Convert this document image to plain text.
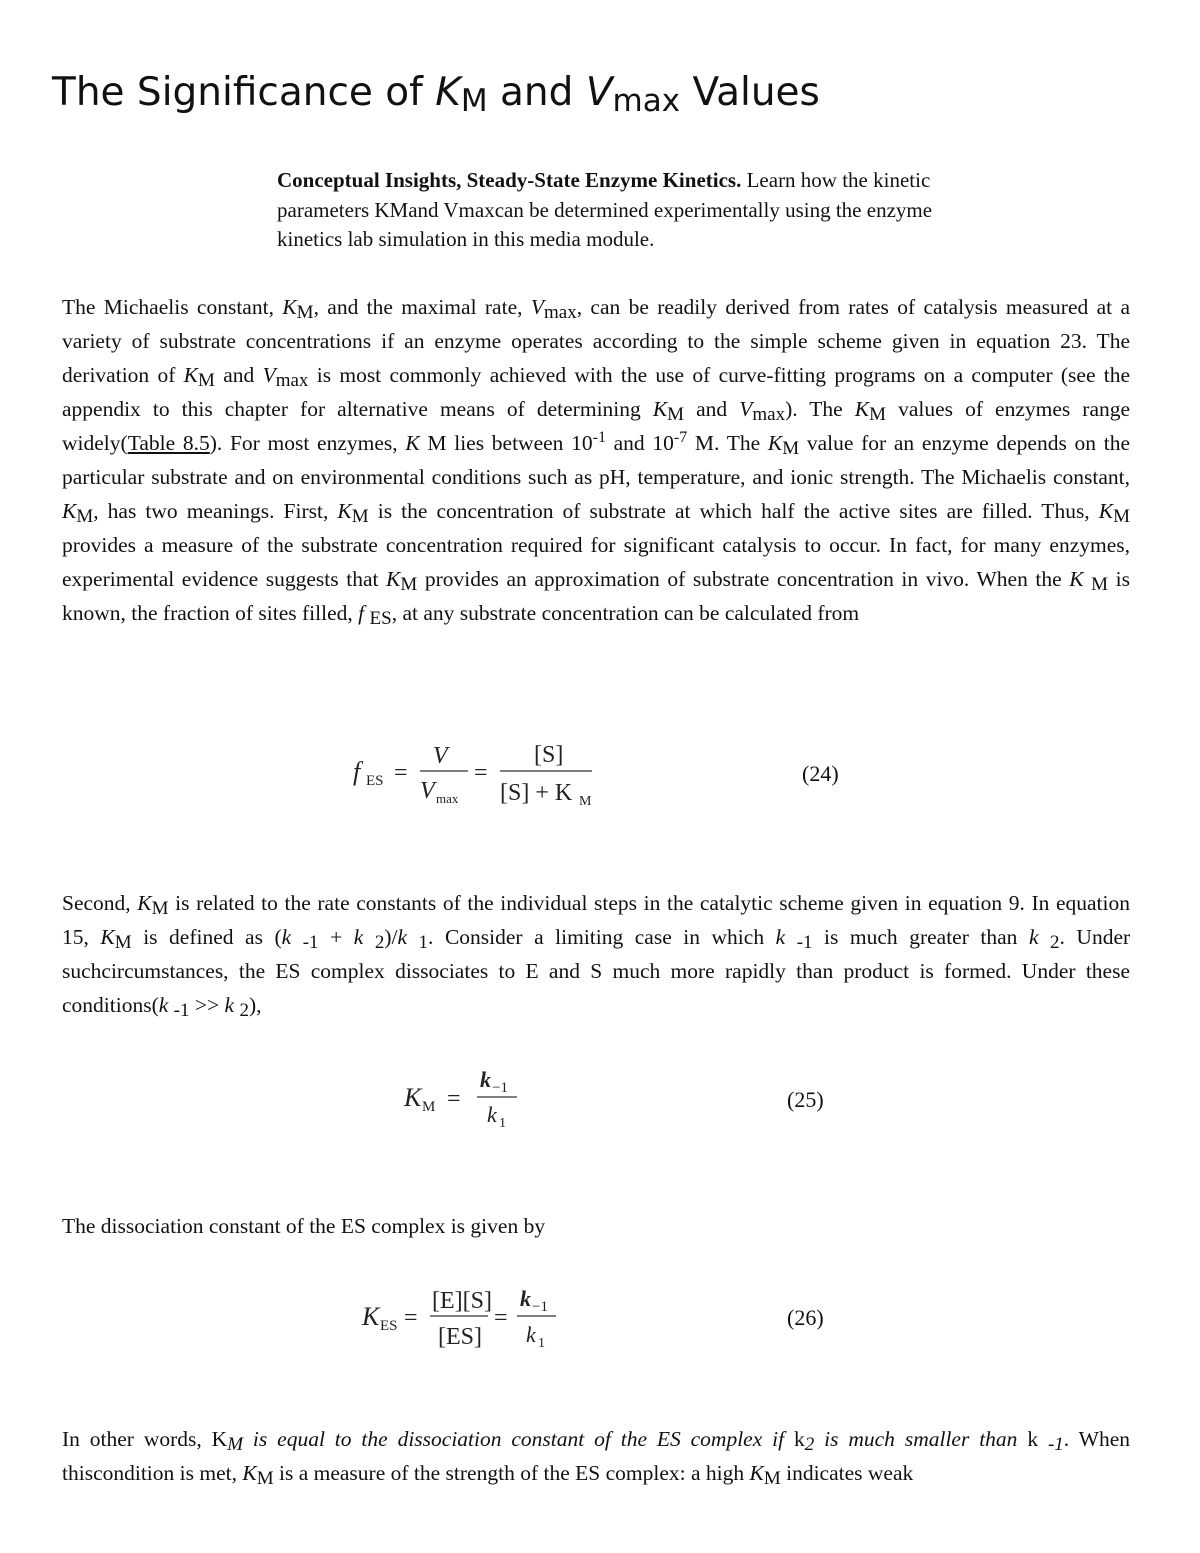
The Significance of $K_M$ and $V_{max}$ Values

Conceptual Insights, Steady-State Enzyme Kinetics. Learn how the kinetic parameters KMand Vmaxcan be determined experimentally using the enzyme kinetics lab simulation in this media module.

The Michaelis constant, $K_M$, and the maximal rate, $V_{max}$, can be readily derived from rates of catalysis measured at a variety of substrate concentrations if an enzyme operates according to the simple scheme given in equation 23. The derivation of $K_M$ and $V_{max}$ is most commonly achieved with the use of curve-fitting programs on a computer (see the appendix to this chapter for alternative means of determining $K_M$ and $V_{max}$). The $K_M$ values of enzymes range widely(Table 8.5). For most enzymes, K M lies between $10^{-1}$ and $10^{-7}$ M. The $K_M$ value for an enzyme depends on the particular substrate and on environmental conditions such as pH, temperature, and ionic strength. The Michaelis constant, $K_M$, has two meanings. First, $K_M$ is the concentration of substrate at which half the active sites are filled. Thus, $K_M$ provides a measure of the substrate concentration required for significant catalysis to occur. In fact, for many enzymes, experimental evidence suggests that $K_M$ provides an approximation of substrate concentration in vivo. When the K $_M$ is known, the fraction of sites filled, f $_{ES}$, at any substrate concentration can be calculated from

f ES =
V
V max
=
[S]
[S] + K M
(24)

Second, $K_M$ is related to the rate constants of the individual steps in the catalytic scheme given in equation 9. In equation 15, $K_M$ is defined as (k $_{-1}$ + k $_2$)/k $_1$. Consider a limiting case in which k $_{-1}$ is much greater than k $_2$. Under suchcircumstances, the ES complex dissociates to E and S much more rapidly than product is formed. Under these conditions(k $_{-1}$ >> k $_2$),

K M =
k −1
k 1
(25)

The dissociation constant of the ES complex is given by

K ES =
[E][S]
[ES]
=
k −1
k 1
(26)

In other words, $K_M$ is equal to the dissociation constant of the ES complex if $k_2$ is much smaller than k $_{-1}$. When thiscondition is met, $K_M$ is a measure of the strength of the ES complex: a high $K_M$ indicates weak
